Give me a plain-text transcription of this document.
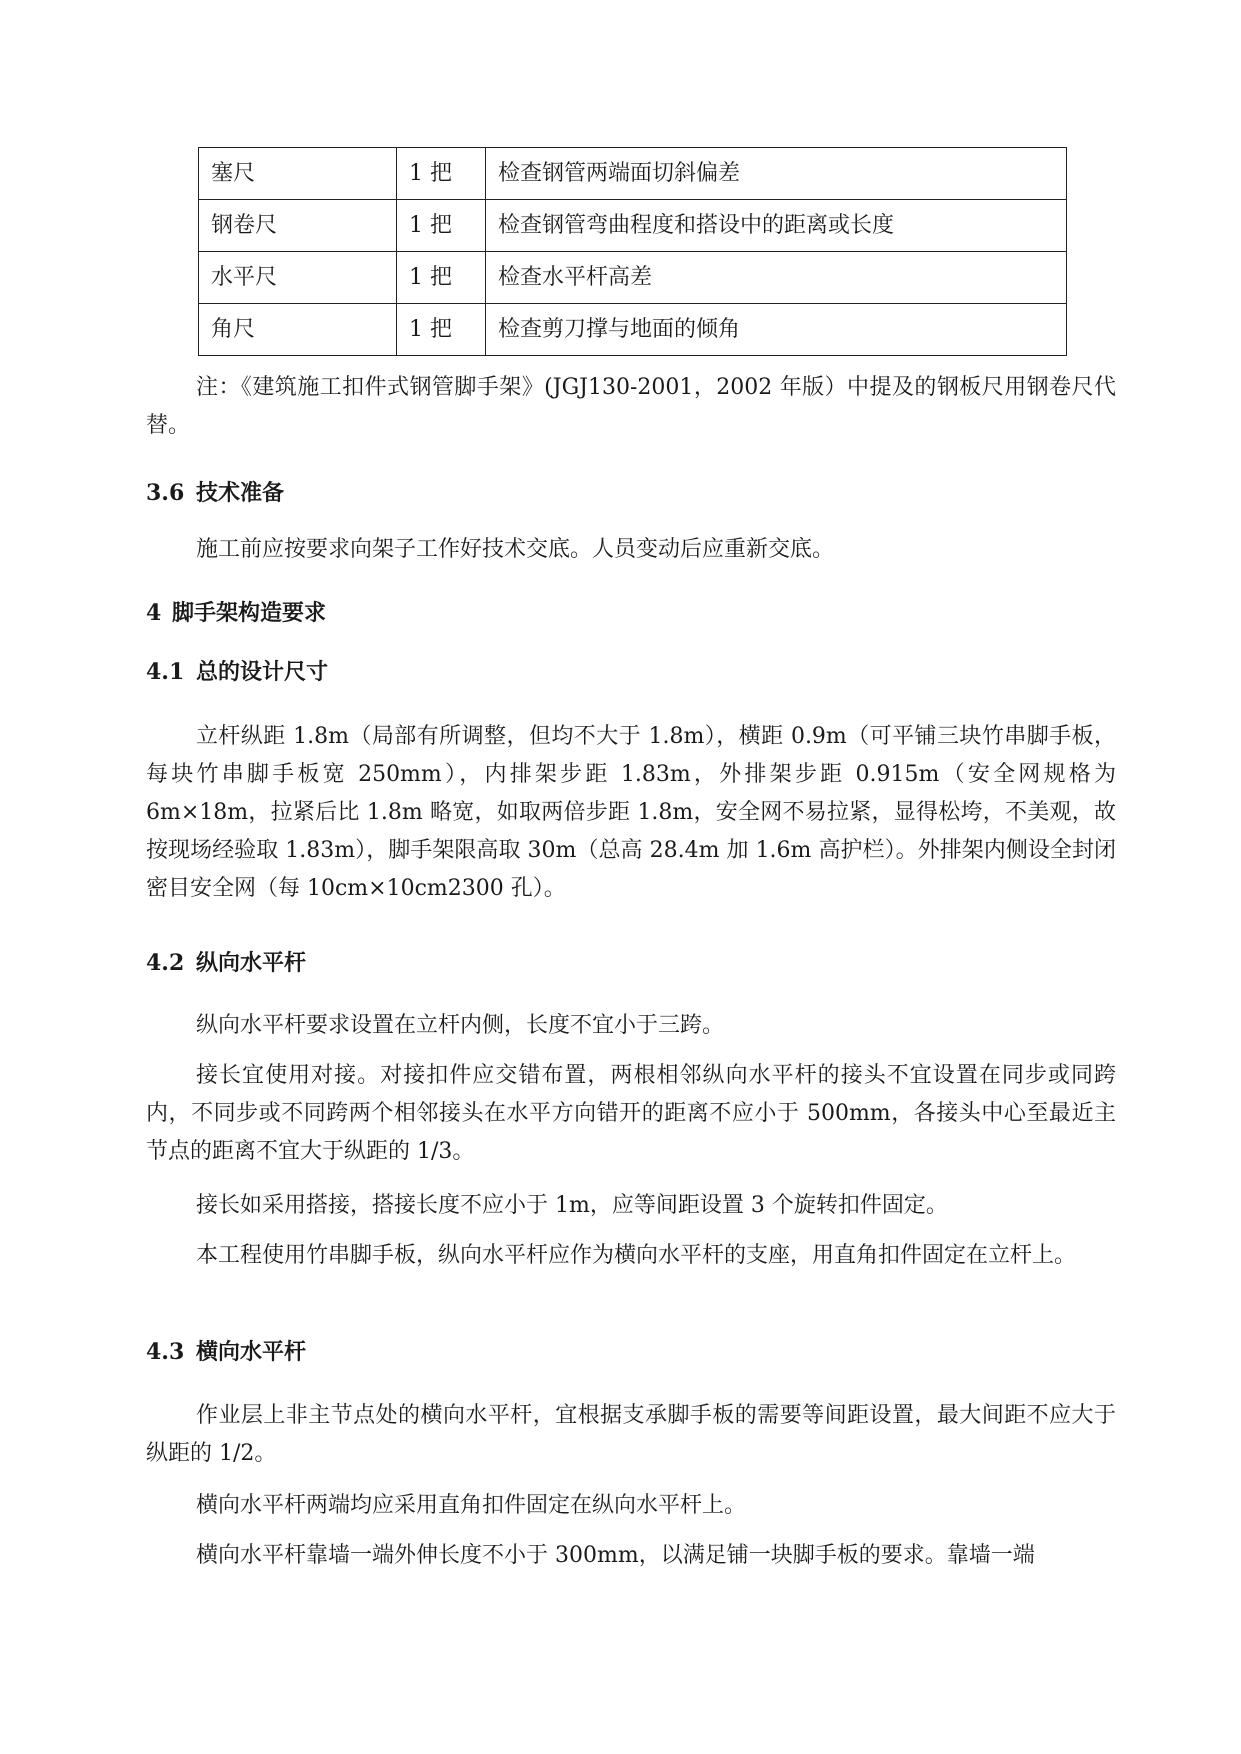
塞尺	1 把	检查钢管两端面切斜偏差
钢卷尺	1 把	检查钢管弯曲程度和搭设中的距离或长度
水平尺	1 把	检查水平杆高差
角尺	1 把	检查剪刀撑与地面的倾角

注：《建筑施工扣件式钢管脚手架》(JGJ130-2001，2002 年版）中提及的钢板尺用钢卷尺代替。

3.6 技术准备

施工前应按要求向架子工作好技术交底。人员变动后应重新交底。

4 脚手架构造要求
4.1 总的设计尺寸

立杆纵距 1.8m（局部有所调整，但均不大于 1.8m），横距 0.9m（可平铺三块竹串脚手板，每块竹串脚手板宽 250mm），内排架步距 1.83m，外排架步距 0.915m（安全网规格为 6m×18m，拉紧后比 1.8m 略宽，如取两倍步距 1.8m，安全网不易拉紧，显得松垮，不美观，故按现场经验取 1.83m），脚手架限高取 30m（总高 28.4m 加 1.6m 高护栏）。外排架内侧设全封闭密目安全网（每 10cm×10cm2300 孔）。

4.2 纵向水平杆

纵向水平杆要求设置在立杆内侧，长度不宜小于三跨。

接长宜使用对接。对接扣件应交错布置，两根相邻纵向水平杆的接头不宜设置在同步或同跨内，不同步或不同跨两个相邻接头在水平方向错开的距离不应小于 500mm，各接头中心至最近主节点的距离不宜大于纵距的 1/3。

接长如采用搭接，搭接长度不应小于 1m，应等间距设置 3 个旋转扣件固定。

本工程使用竹串脚手板，纵向水平杆应作为横向水平杆的支座，用直角扣件固定在立杆上。

4.3 横向水平杆

作业层上非主节点处的横向水平杆，宜根据支承脚手板的需要等间距设置，最大间距不应大于纵距的 1/2。

横向水平杆两端均应采用直角扣件固定在纵向水平杆上。

横向水平杆靠墙一端外伸长度不小于 300mm，以满足铺一块脚手板的要求。靠墙一端
